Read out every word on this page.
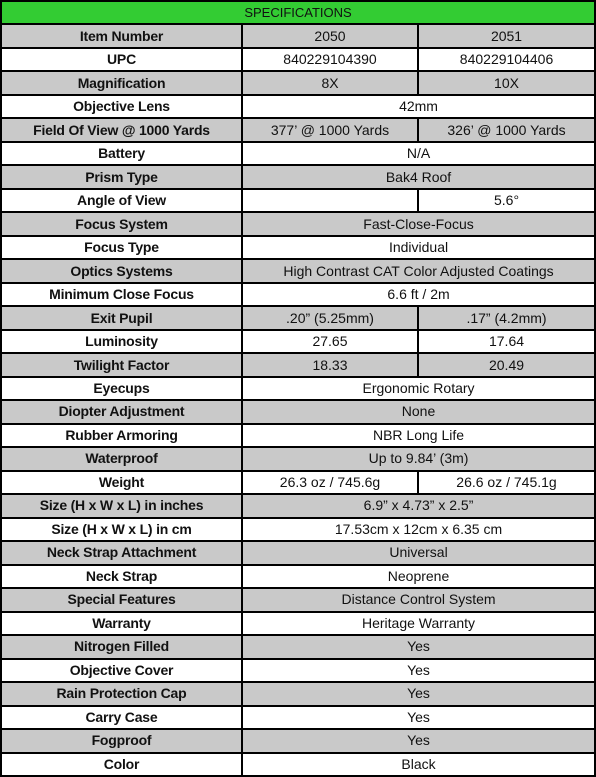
SPECIFICATIONS		
Item Number	2050	2051
UPC	840229104390	840229104406
Magnification	8X	10X
Objective Lens	42mm	
Field Of View @ 1000 Yards	377’ @ 1000 Yards	326’ @ 1000 Yards
Battery	N/A	
Prism Type	Bak4 Roof	
Angle of View		5.6°
Focus System	Fast-Close-Focus	
Focus Type	Individual	
Optics Systems	High Contrast CAT Color Adjusted Coatings	
Minimum Close Focus	6.6 ft / 2m	
Exit Pupil	.20” (5.25mm)	.17” (4.2mm)
Luminosity	27.65	17.64
Twilight Factor	18.33	20.49
Eyecups	Ergonomic Rotary	
Diopter Adjustment	None	
Rubber Armoring	NBR Long Life	
Waterproof	Up to 9.84’ (3m)	
Weight	26.3 oz / 745.6g	26.6 oz / 745.1g
Size (H x W x L) in inches	6.9” x 4.73” x 2.5”	
Size (H x W x L) in cm	17.53cm x 12cm x 6.35 cm	
Neck Strap Attachment	Universal	
Neck Strap	Neoprene	
Special Features	Distance Control System	
Warranty	Heritage Warranty	
Nitrogen Filled	Yes	
Objective Cover	Yes	
Rain Protection Cap	Yes	
Carry Case	Yes	
Fogproof	Yes	
Color	Black	
